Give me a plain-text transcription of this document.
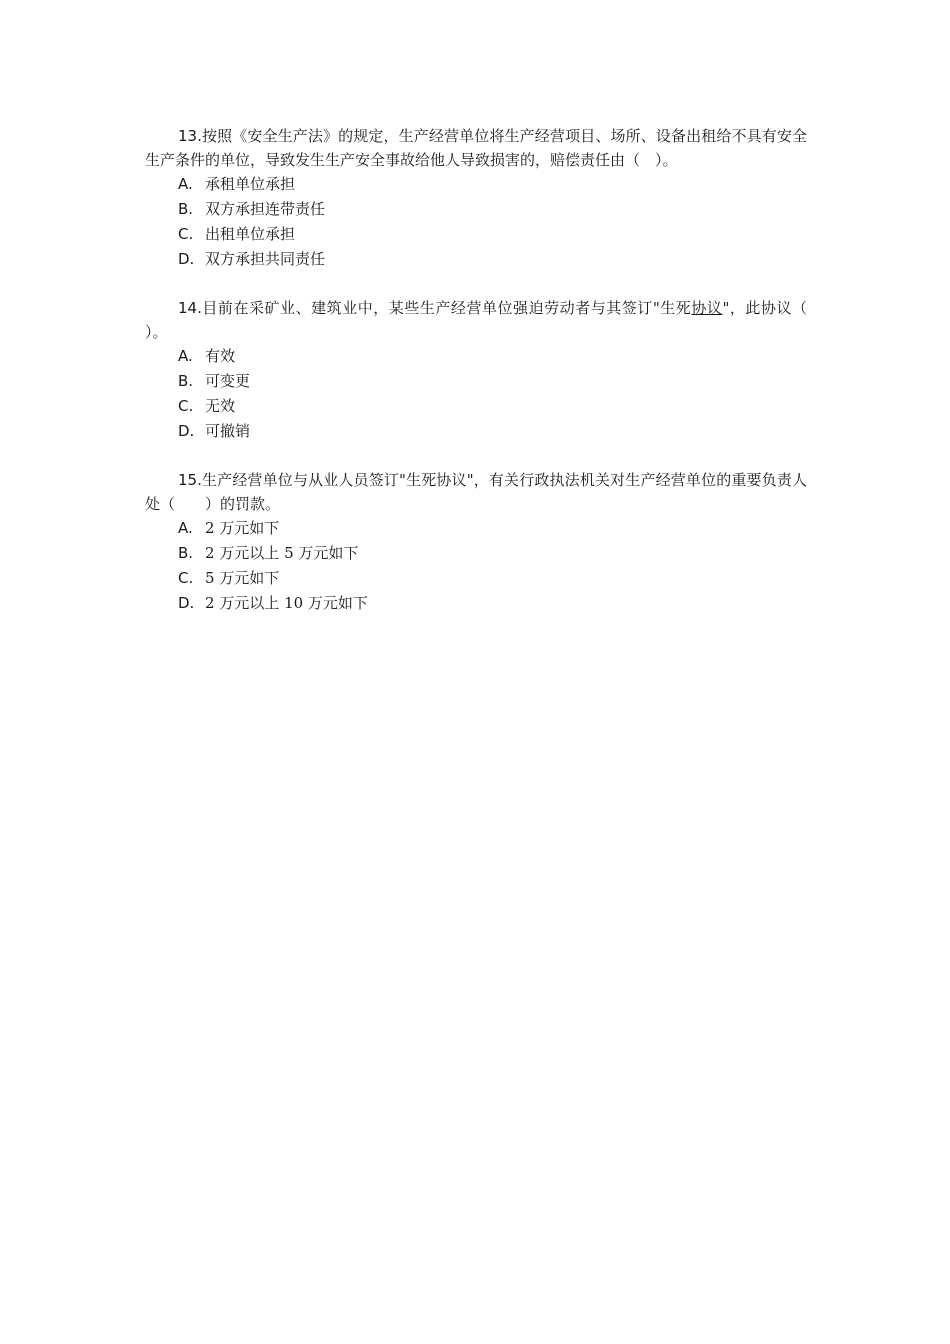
13.按照《安全生产法》的规定，生产经营单位将生产经营项目、场所、设备出租给不具有安全生产条件的单位，导致发生生产安全事故给他人导致损害的，赔偿责任由（　）。

A. 承租单位承担
B. 双方承担连带责任
C. 出租单位承担
D. 双方承担共同责任

14.目前在采矿业、建筑业中，某些生产经营单位强迫劳动者与其签订"生死协议"，此协议（　　）。

A. 有效
B. 可变更
C. 无效
D. 可撤销

15.生产经营单位与从业人员签订"生死协议"，有关行政执法机关对生产经营单位的重要负责人处（　　）的罚款。

A. 2 万元如下
B. 2 万元以上 5 万元如下
C. 5 万元如下
D. 2 万元以上 10 万元如下
